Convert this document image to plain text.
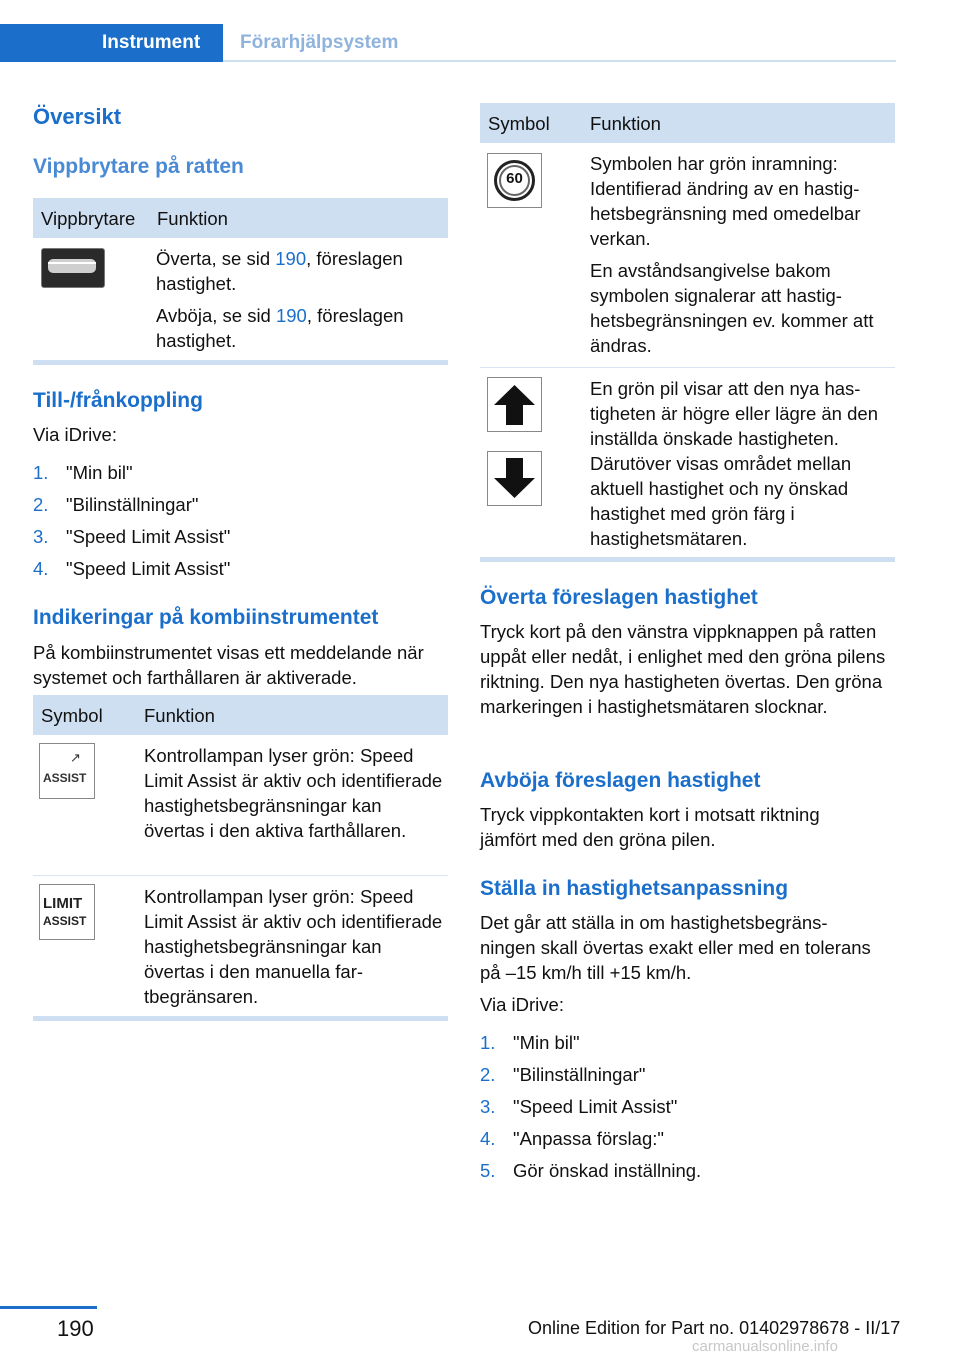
Instrument	Förarhjälpsystem
Översikt
Vippbrytare på ratten
Vippbrytare Funktion
Överta, se sid 190, föreslagen hastighet.
Avböja, se sid 190, föreslagen hastighet.
Till-/frånkoppling
Via iDrive:
1. "Min bil"
2. "Bilinställningar"
3. "Speed Limit Assist"
4. "Speed Limit Assist"
Indikeringar på kombiinstrumentet
På kombiinstrumentet visas ett meddelande när systemet och farthållaren är aktiverade.
Symbol Funktion
↗
ASSIST
Kontrollampan lyser grön: Speed Limit Assist är aktiv och identifierade hastighetsbegränsningar kan övertas i den aktiva farthållaren.
LIMIT
ASSIST
Kontrollampan lyser grön: Speed Limit Assist är aktiv och identifierade hastighetsbegränsningar kan övertas i den manuella fartbegränsaren.
Symbol Funktion
60
Symbolen har grön inramning: Identifierad ändring av en hastighetsbegränsning med omedelbar verkan.
En avståndsangivelse bakom symbolen signalerar att hastighetsbegränsningen ev. kommer att ändras.
En grön pil visar att den nya hastigheten är högre eller lägre än den inställda önskade hastigheten. Därutöver visas området mellan aktuell hastighet och ny önskad hastighet med grön färg i hastighetsmätaren.
Överta föreslagen hastighet
Tryck kort på den vänstra vippknappen på ratten uppåt eller nedåt, i enlighet med den gröna pilens riktning. Den nya hastigheten övertas. Den gröna markeringen i hastighetsmätaren slocknar.
Avböja föreslagen hastighet
Tryck vippkontakten kort i motsatt riktning jämfört med den gröna pilen.
Ställa in hastighetsanpassning
Det går att ställa in om hastighetsbegränsningen skall övertas exakt eller med en tolerans på –15 km/h till +15 km/h.
Via iDrive:
1. "Min bil"
2. "Bilinställningar"
3. "Speed Limit Assist"
4. "Anpassa förslag:"
5. Gör önskad inställning.
190	Online Edition for Part no. 01402978678 - II/17
carmanualsonline.info
